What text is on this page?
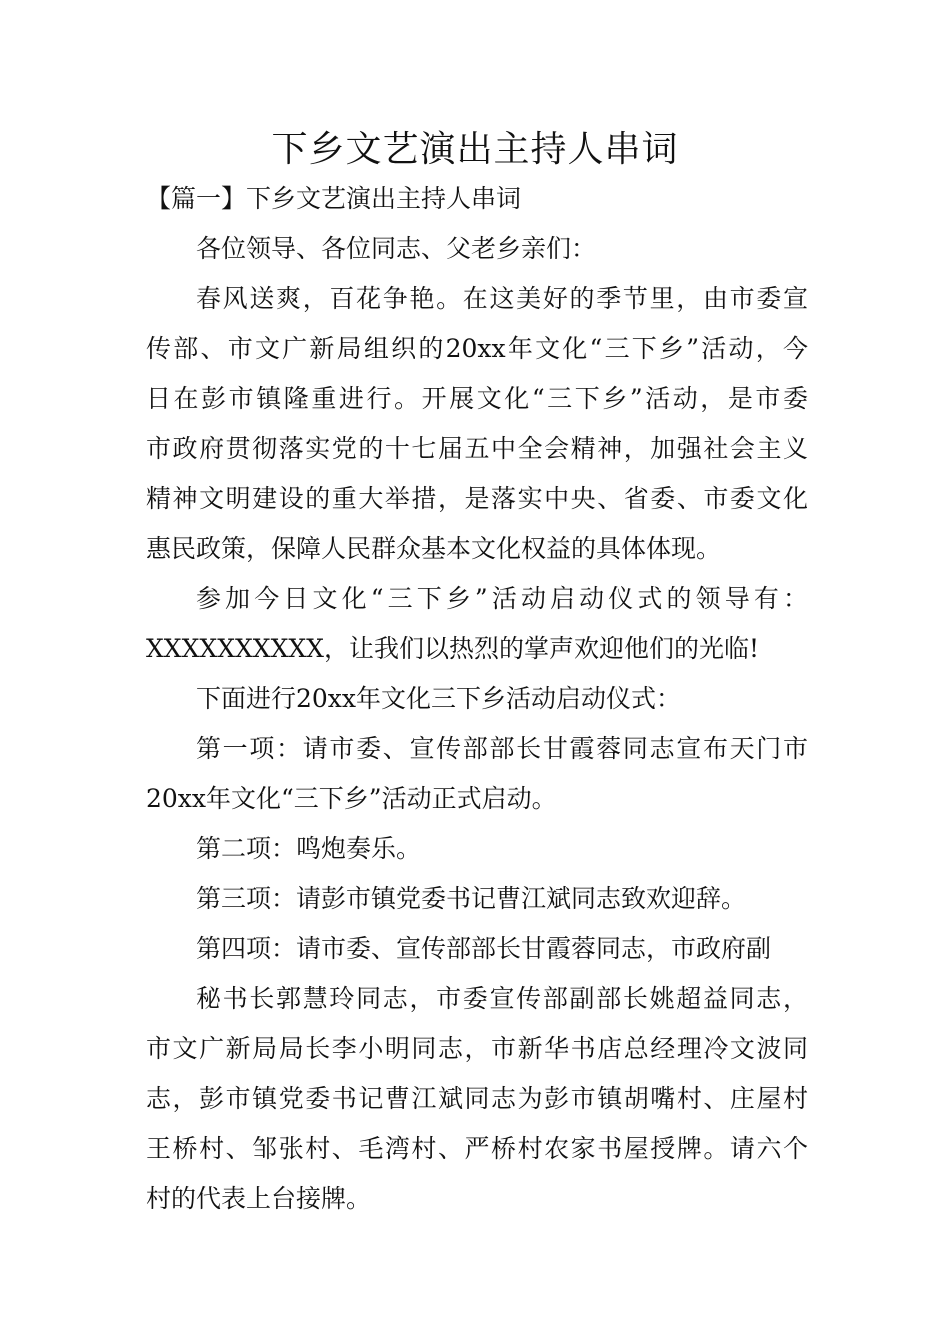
下乡文艺演出主持人串词

【篇一】下乡文艺演出主持人串词

各位领导、各位同志、父老乡亲们：

春风送爽，百花争艳。在这美好的季节里，由市委宣

传部、市文广新局组织的20xx年文化“三下乡”活动，今

日在彭市镇隆重进行。开展文化“三下乡”活动，是市委

市政府贯彻落实党的十七届五中全会精神，加强社会主义

精神文明建设的重大举措，是落实中央、省委、市委文化

惠民政策，保障人民群众基本文化权益的具体体现。

参加今日文化“三下乡”活动启动仪式的领导有：

XXXXXXXXXX，让我们以热烈的掌声欢迎他们的光临!

下面进行20xx年文化三下乡活动启动仪式：

第一项：请市委、宣传部部长甘霞蓉同志宣布天门市

20xx年文化“三下乡”活动正式启动。

第二项：鸣炮奏乐。

第三项：请彭市镇党委书记曹江斌同志致欢迎辞。

第四项：请市委、宣传部部长甘霞蓉同志，市政府副

秘书长郭慧玲同志，市委宣传部副部长姚超益同志，

市文广新局局长李小明同志，市新华书店总经理冷文波同

志，彭市镇党委书记曹江斌同志为彭市镇胡嘴村、庄屋村

王桥村、邹张村、毛湾村、严桥村农家书屋授牌。请六个

村的代表上台接牌。
